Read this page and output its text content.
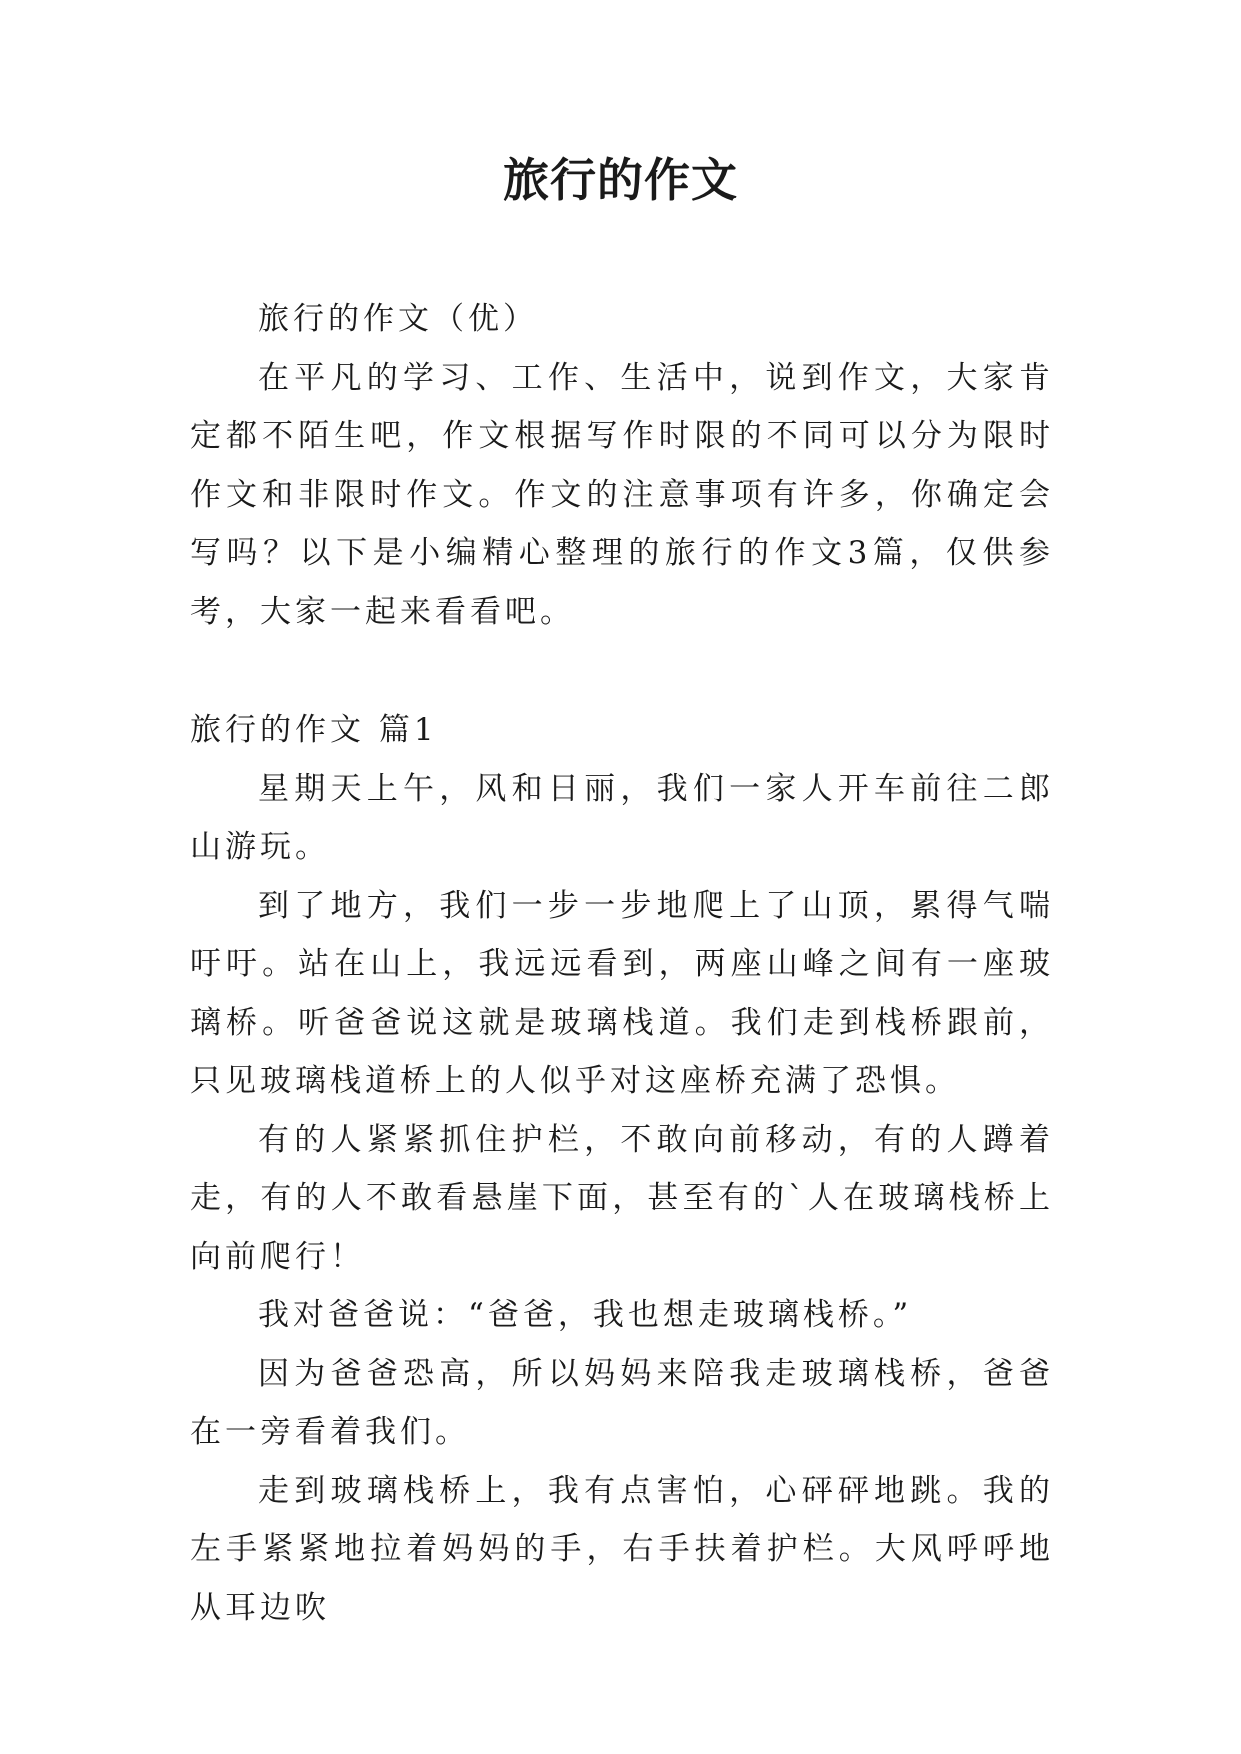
旅行的作文

旅行的作文（优）

在平凡的学习、工作、生活中，说到作文，大家肯定都不陌生吧，作文根据写作时限的不同可以分为限时作文和非限时作文。作文的注意事项有许多，你确定会写吗？以下是小编精心整理的旅行的作文3篇，仅供参考，大家一起来看看吧。

旅行的作文 篇1

星期天上午，风和日丽，我们一家人开车前往二郎山游玩。

到了地方，我们一步一步地爬上了山顶，累得气喘吁吁。站在山上，我远远看到，两座山峰之间有一座玻璃桥。听爸爸说这就是玻璃栈道。我们走到栈桥跟前，只见玻璃栈道桥上的人似乎对这座桥充满了恐惧。

有的人紧紧抓住护栏，不敢向前移动，有的人蹲着走，有的人不敢看悬崖下面，甚至有的`人在玻璃栈桥上向前爬行！

我对爸爸说：“爸爸，我也想走玻璃栈桥。”

因为爸爸恐高，所以妈妈来陪我走玻璃栈桥，爸爸在一旁看着我们。

走到玻璃栈桥上，我有点害怕，心砰砰地跳。我的左手紧紧地拉着妈妈的手，右手扶着护栏。大风呼呼地从耳边吹
